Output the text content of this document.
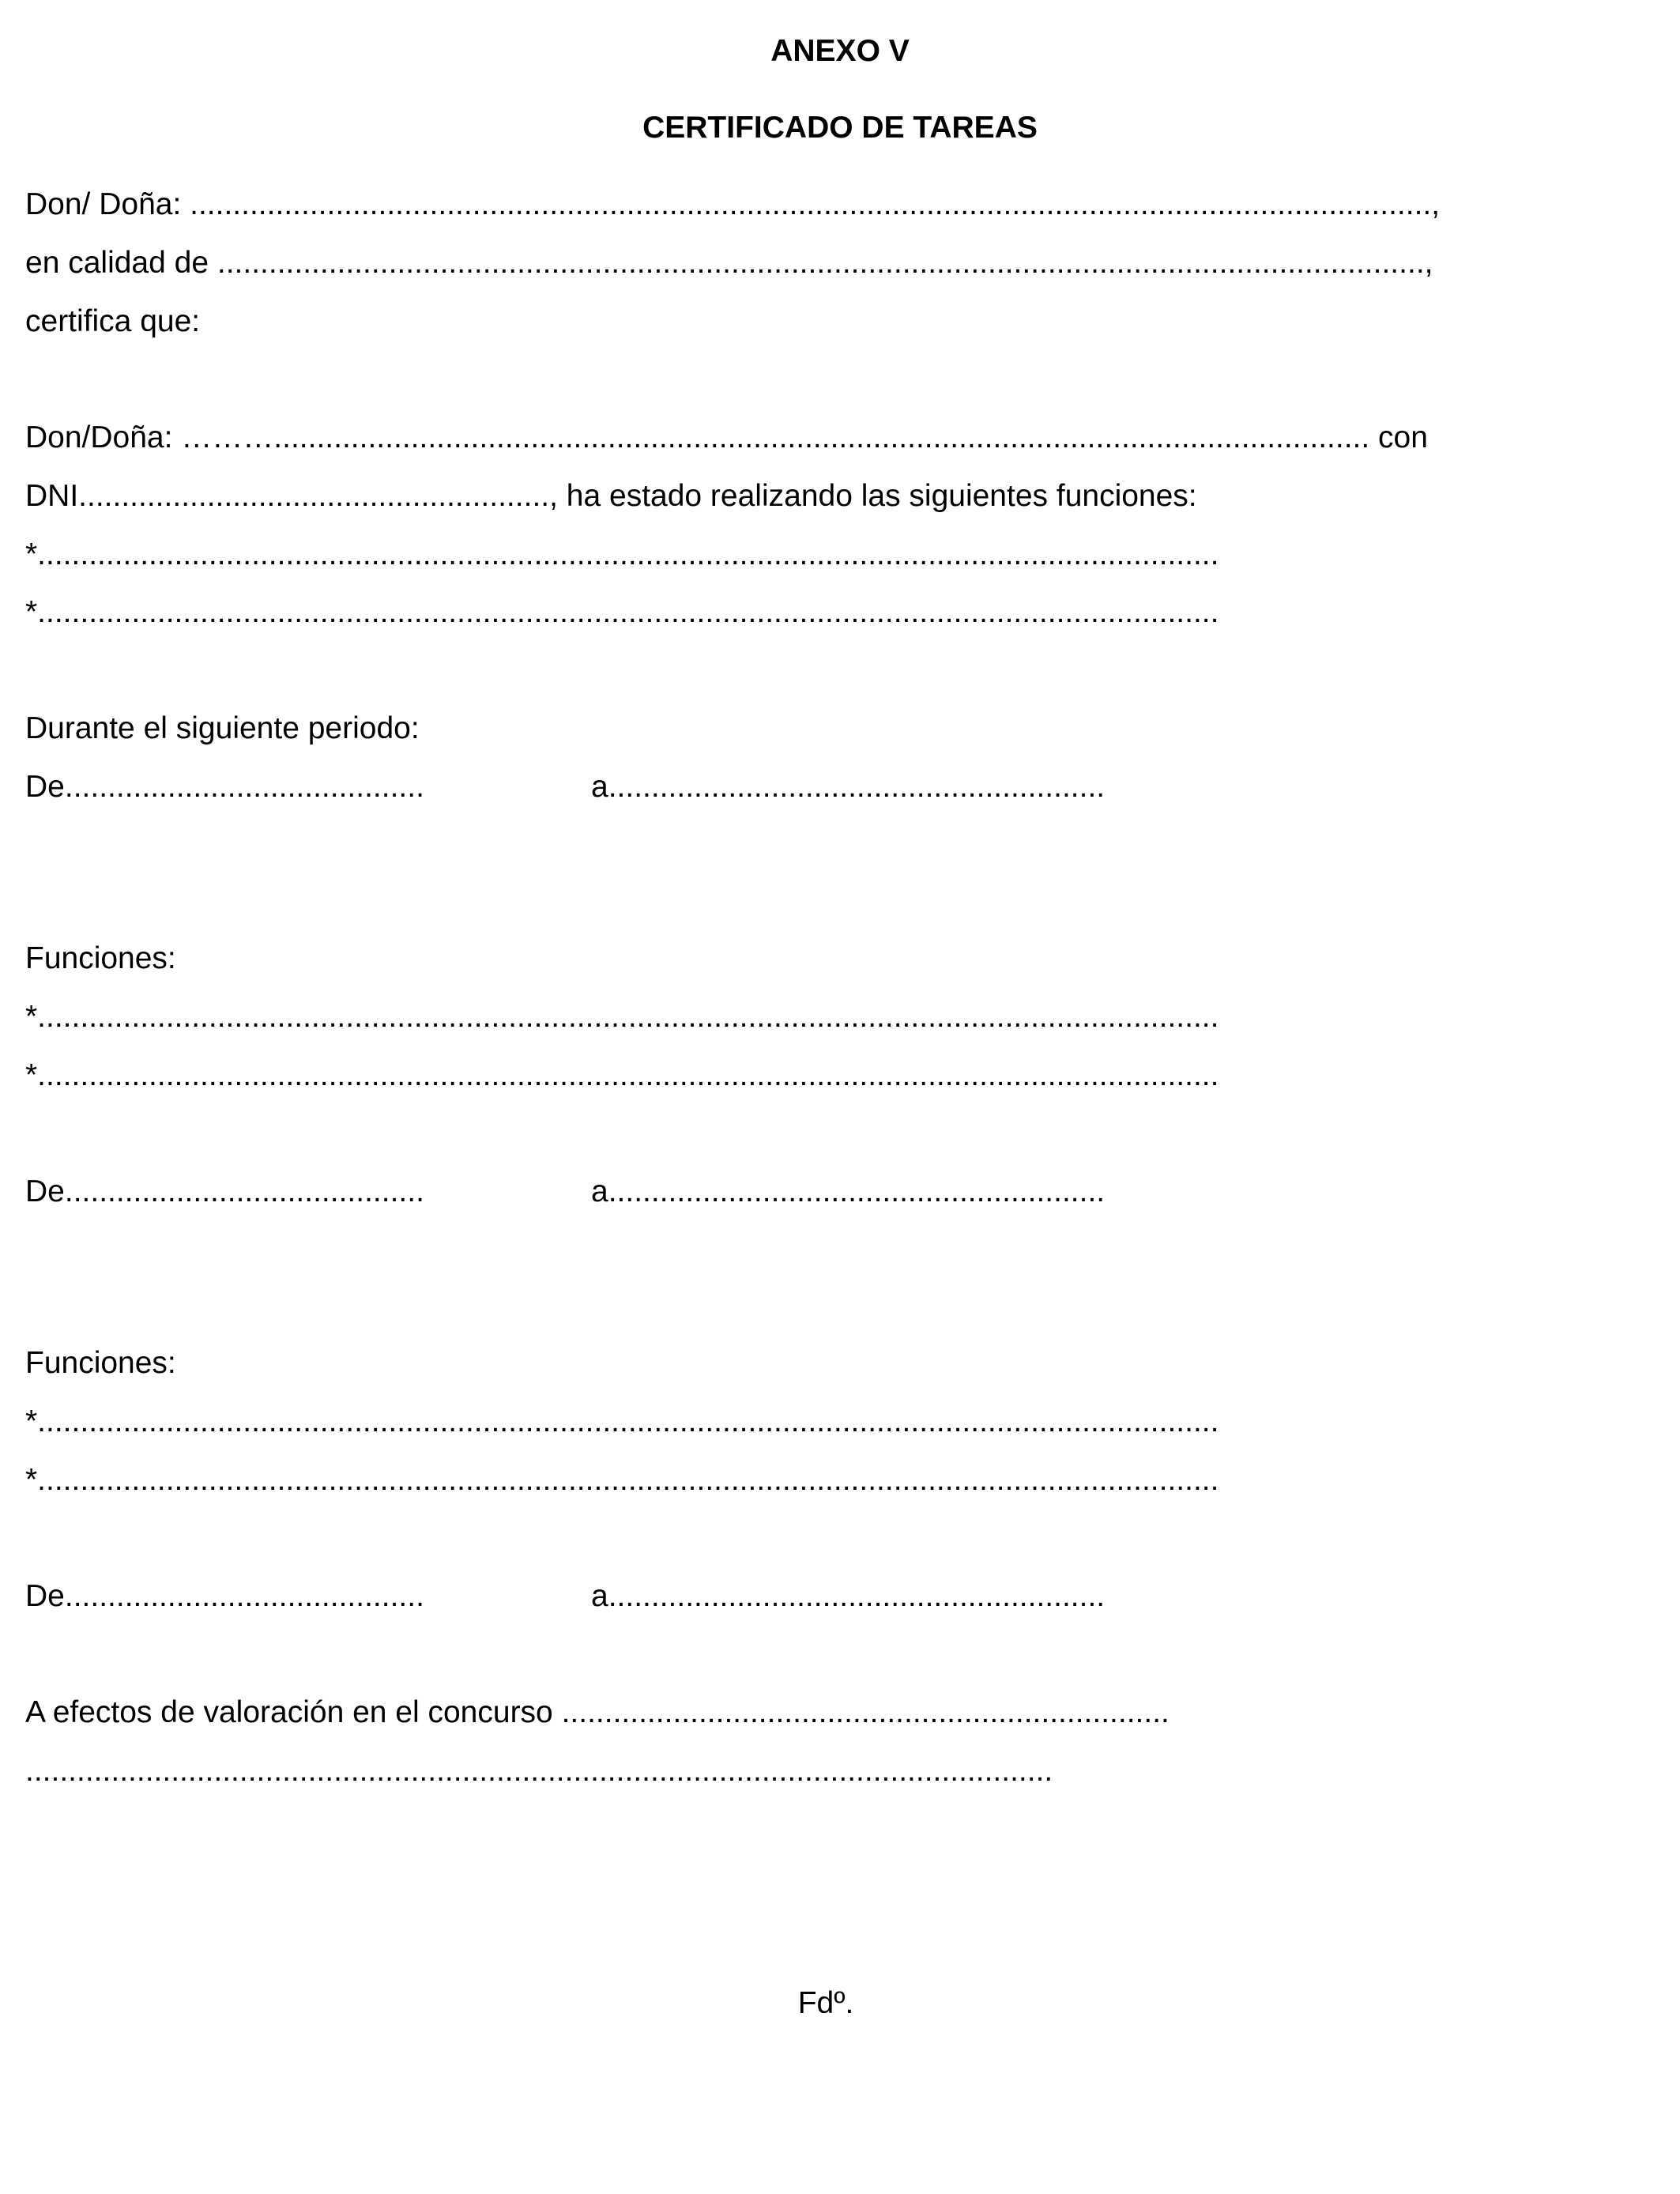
ANEXO V

CERTIFICADO DE TAREAS

Don/ Doña: .................................................................................................................................................,

en calidad de .............................................................................................................................................,

certifica que:

Don/Doña: ………................................................................................................................................ con

DNI......................................................., ha estado realizando las siguientes funciones:

*..........................................................................................................................................

*..........................................................................................................................................

Durante el siguiente periodo:

De..........................................	a..........................................................

Funciones:

*..........................................................................................................................................

*..........................................................................................................................................

De..........................................	a..........................................................

Funciones:

*..........................................................................................................................................

*..........................................................................................................................................

De..........................................	a..........................................................

A efectos de valoración en el concurso .......................................................................

........................................................................................................................

Fdº.
